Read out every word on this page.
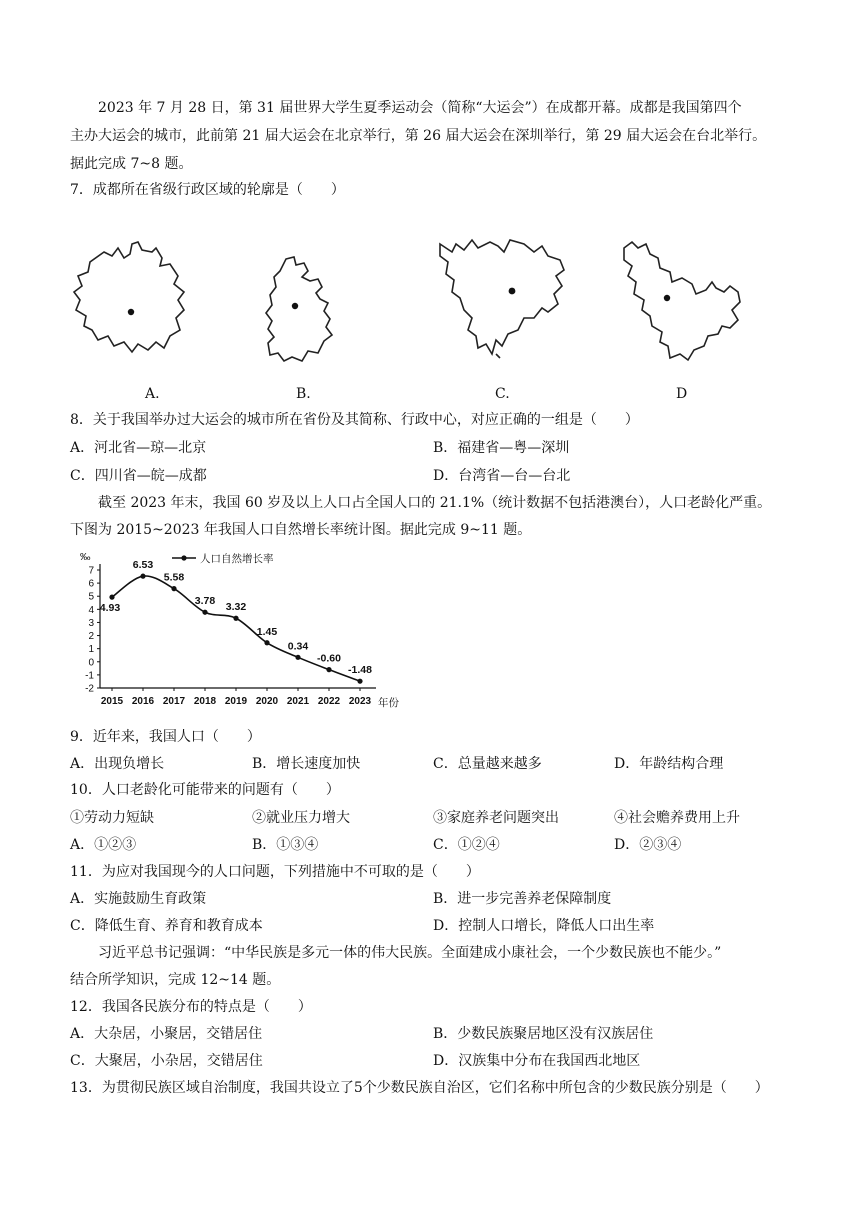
2023 年 7 月 28 日，第 31 届世界大学生夏季运动会（简称“大运会”）在成都开幕。成都是我国第四个
主办大运会的城市，此前第 21 届大运会在北京举行，第 26 届大运会在深圳举行，第 29 届大运会在台北举行。
据此完成 7~8 题。
7．成都所在省级行政区域的轮廓是（　　）
A.	B.	C.	D
8．关于我国举办过大运会的城市所在省份及其简称、行政中心，对应正确的一组是（　　）
A．河北省—琼—北京	B．福建省—粤—深圳
C．四川省—皖—成都	D．台湾省—台—台北
截至 2023 年末，我国 60 岁及以上人口占全国人口的 21.1%（统计数据不包括港澳台），人口老龄化严重。
下图为 2015~2023 年我国人口自然增长率统计图。据此完成 9~11 题。
7
6
5
4
3
2
1
0
-1
-2
2015 2016 2017 2018 2019 2020 2021 2022 2023
4.93
6.53
5.58
3.78
3.32
1.45
0.34
-0.60
-1.48
人口自然增长率
‰
年份
9．近年来，我国人口（　　）
A．出现负增长	B．增长速度加快	C．总量越来越多	D．年龄结构合理
10．人口老龄化可能带来的问题有（　　）
①劳动力短缺	②就业压力增大	③家庭养老问题突出	④社会赡养费用上升
A．①②③	B．①③④	C．①②④	D．②③④
11．为应对我国现今的人口问题，下列措施中不可取的是（　　）
A．实施鼓励生育政策	B．进一步完善养老保障制度
C．降低生育、养育和教育成本	D．控制人口增长，降低人口出生率
习近平总书记强调：“中华民族是多元一体的伟大民族。全面建成小康社会，一个少数民族也不能少。”
结合所学知识，完成 12~14 题。
12．我国各民族分布的特点是（　　）
A．大杂居，小聚居，交错居住	B．少数民族聚居地区没有汉族居住
C．大聚居，小杂居，交错居住	D．汉族集中分布在我国西北地区
13．为贯彻民族区域自治制度，我国共设立了5个少数民族自治区，它们名称中所包含的少数民族分别是（　　）
